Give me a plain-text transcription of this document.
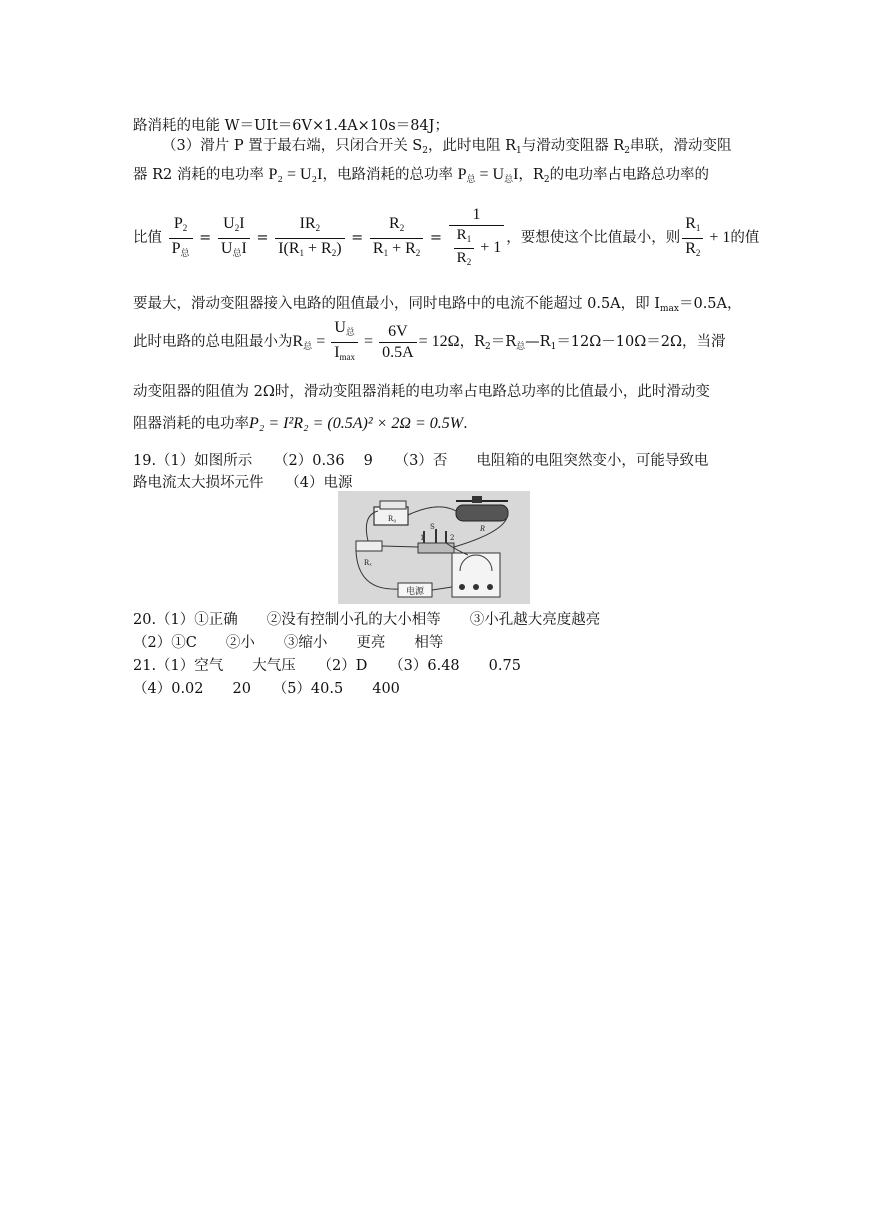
路消耗的电能 W＝UIt＝6V×1.4A×10s＝84J；
（3）滑片 P 置于最右端，只闭合开关 $S_2$，此时电阻 $R_1$与滑动变阻器 $R_2$串联，滑动变阻
器 R2 消耗的电功率 P₂ = U₂I，电路消耗的总功率 $P_总 = U_总I$，$R_2$的电功率占电路总功率的
比值 $\frac{P_2}{P_总} = \frac{U_2I}{U_总I} = \frac{IR_2}{I(R_1 + R_2)} = \frac{R_2}{R_1 + R_2} = \frac{1}{\frac{R_1}{R_2} + 1}$ ，要想使这个比值最小，则 $\frac{R_1}{R_2} + 1$的值
要最大，滑动变阻器接入电路的阻值最小，同时电路中的电流不能超过 0.5A，即 $I_{max}=0.5A$，
此时电路的总电阻最小为$R_总 = \frac{U_总}{I_{max}} = \frac{6V}{0.5A} = 12\Omega$，$R_2=R_总—R_1=12\Omega-10\Omega=2\Omega$，当滑
动变阻器的阻值为 2Ω时，滑动变阻器消耗的电功率占电路总功率的比值最小，此时滑动变
阻器消耗的电功率P₂ = I²R₂ = (0.5A)² × 2Ω = 0.5W.
19.（1）如图所示　　（2）0.36　 9　　（3）否　　电阻箱的电阻突然变小，可能导致电
路电流太大损坏元件　　（4）电源
R₀
R
Rₓ
S
1	2
电源
20.（1）①正确　　②没有控制小孔的大小相等　　③小孔越大亮度越亮
（2）①C　　②小　　③缩小　　更亮　　相等
21.（1）空气　　大气压　　（2）D　　（3）6.48　　0.75
（4）0.02　　20　　（5）40.5　　400
